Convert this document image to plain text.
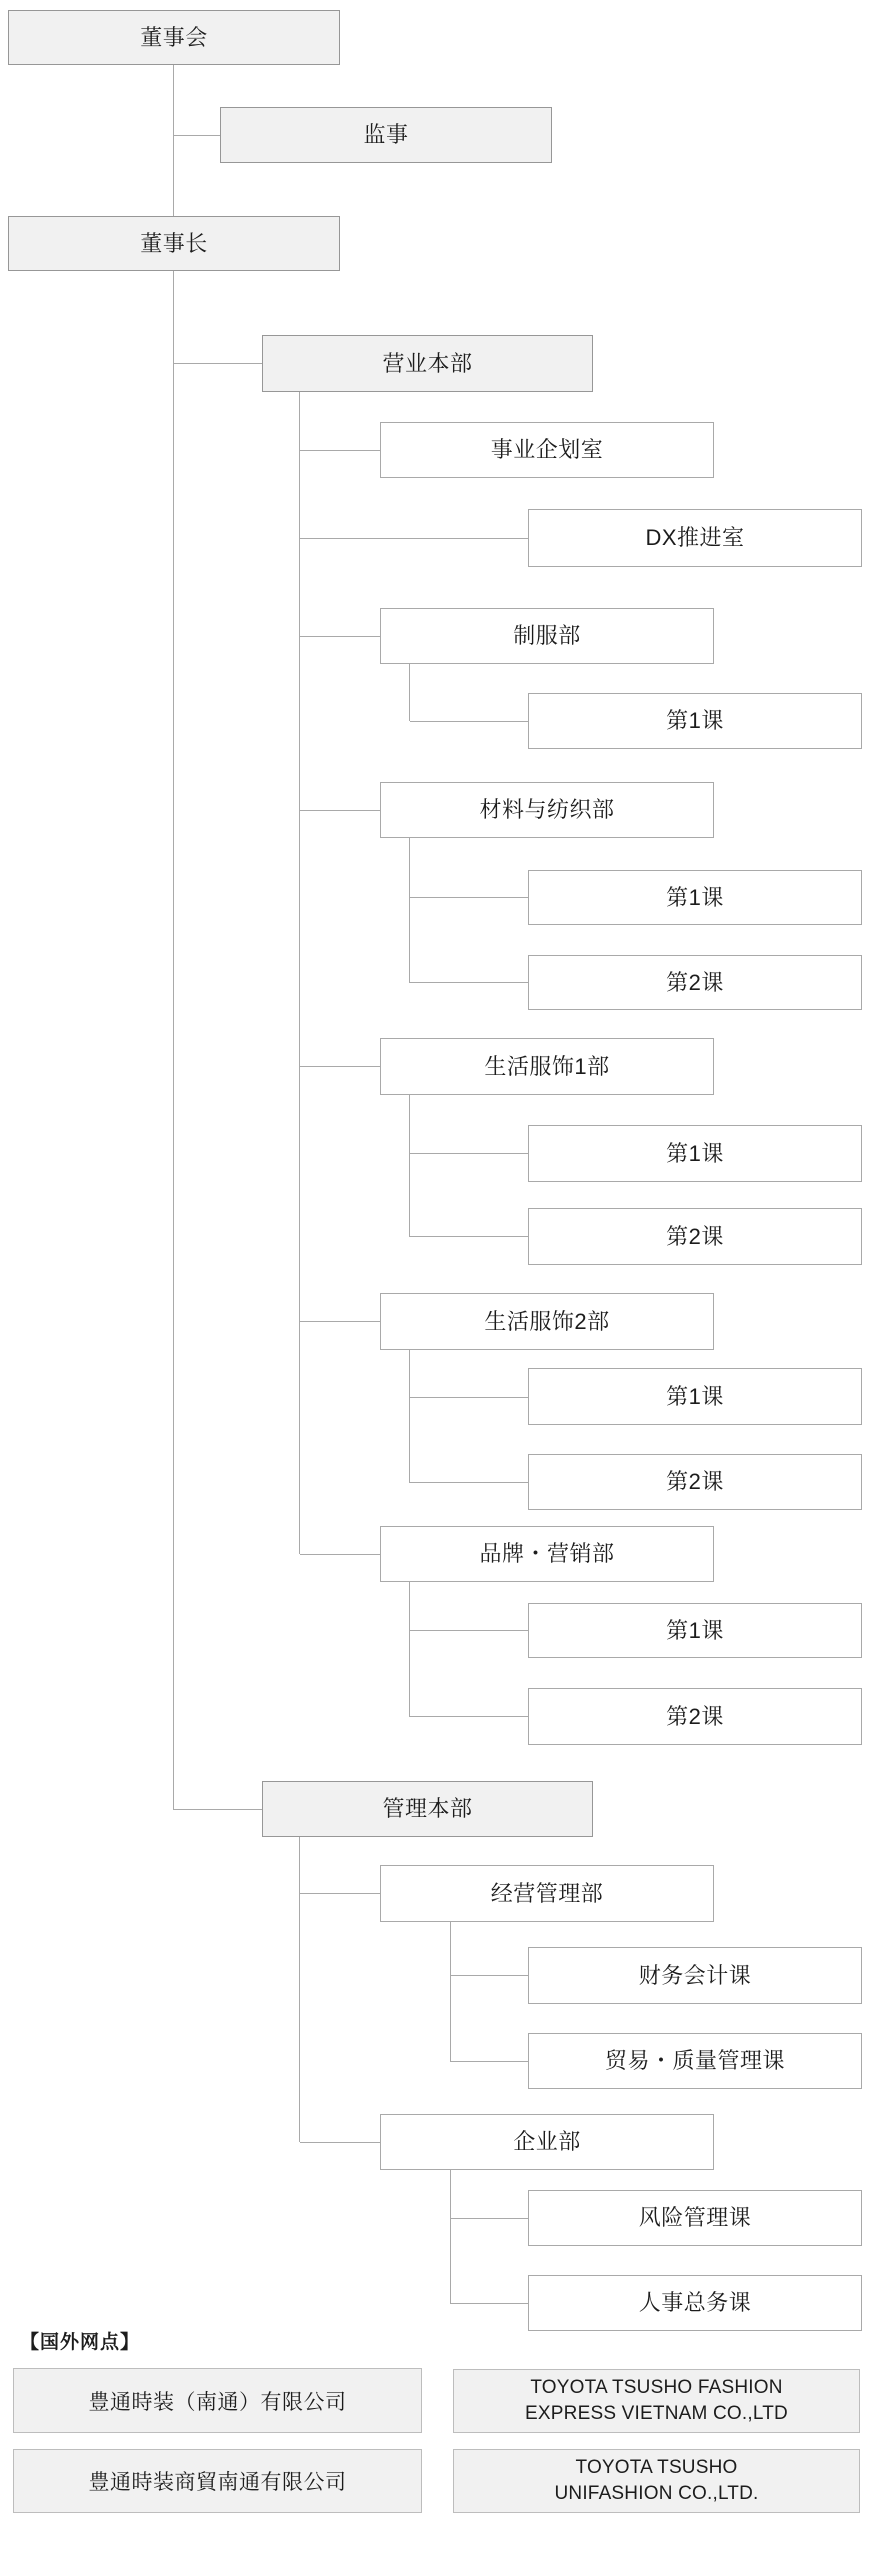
董事会
监事
董事长
营业本部
事业企划室
DX推进室
制服部
第1课
材料与纺织部
第1课
第2课
生活服饰1部
第1课
第2课
生活服饰2部
第1课
第2课
品牌・营销部
第1课
第2课
管理本部
经营管理部
财务会计课
贸易・质量管理课
企业部
风险管理课
人事总务课
【国外网点】
豊通時装（南通）有限公司
TOYOTA TSUSHO FASHION
EXPRESS VIETNAM CO.,LTD
豊通時装商貿南通有限公司
TOYOTA TSUSHO
UNIFASHION CO.,LTD.
